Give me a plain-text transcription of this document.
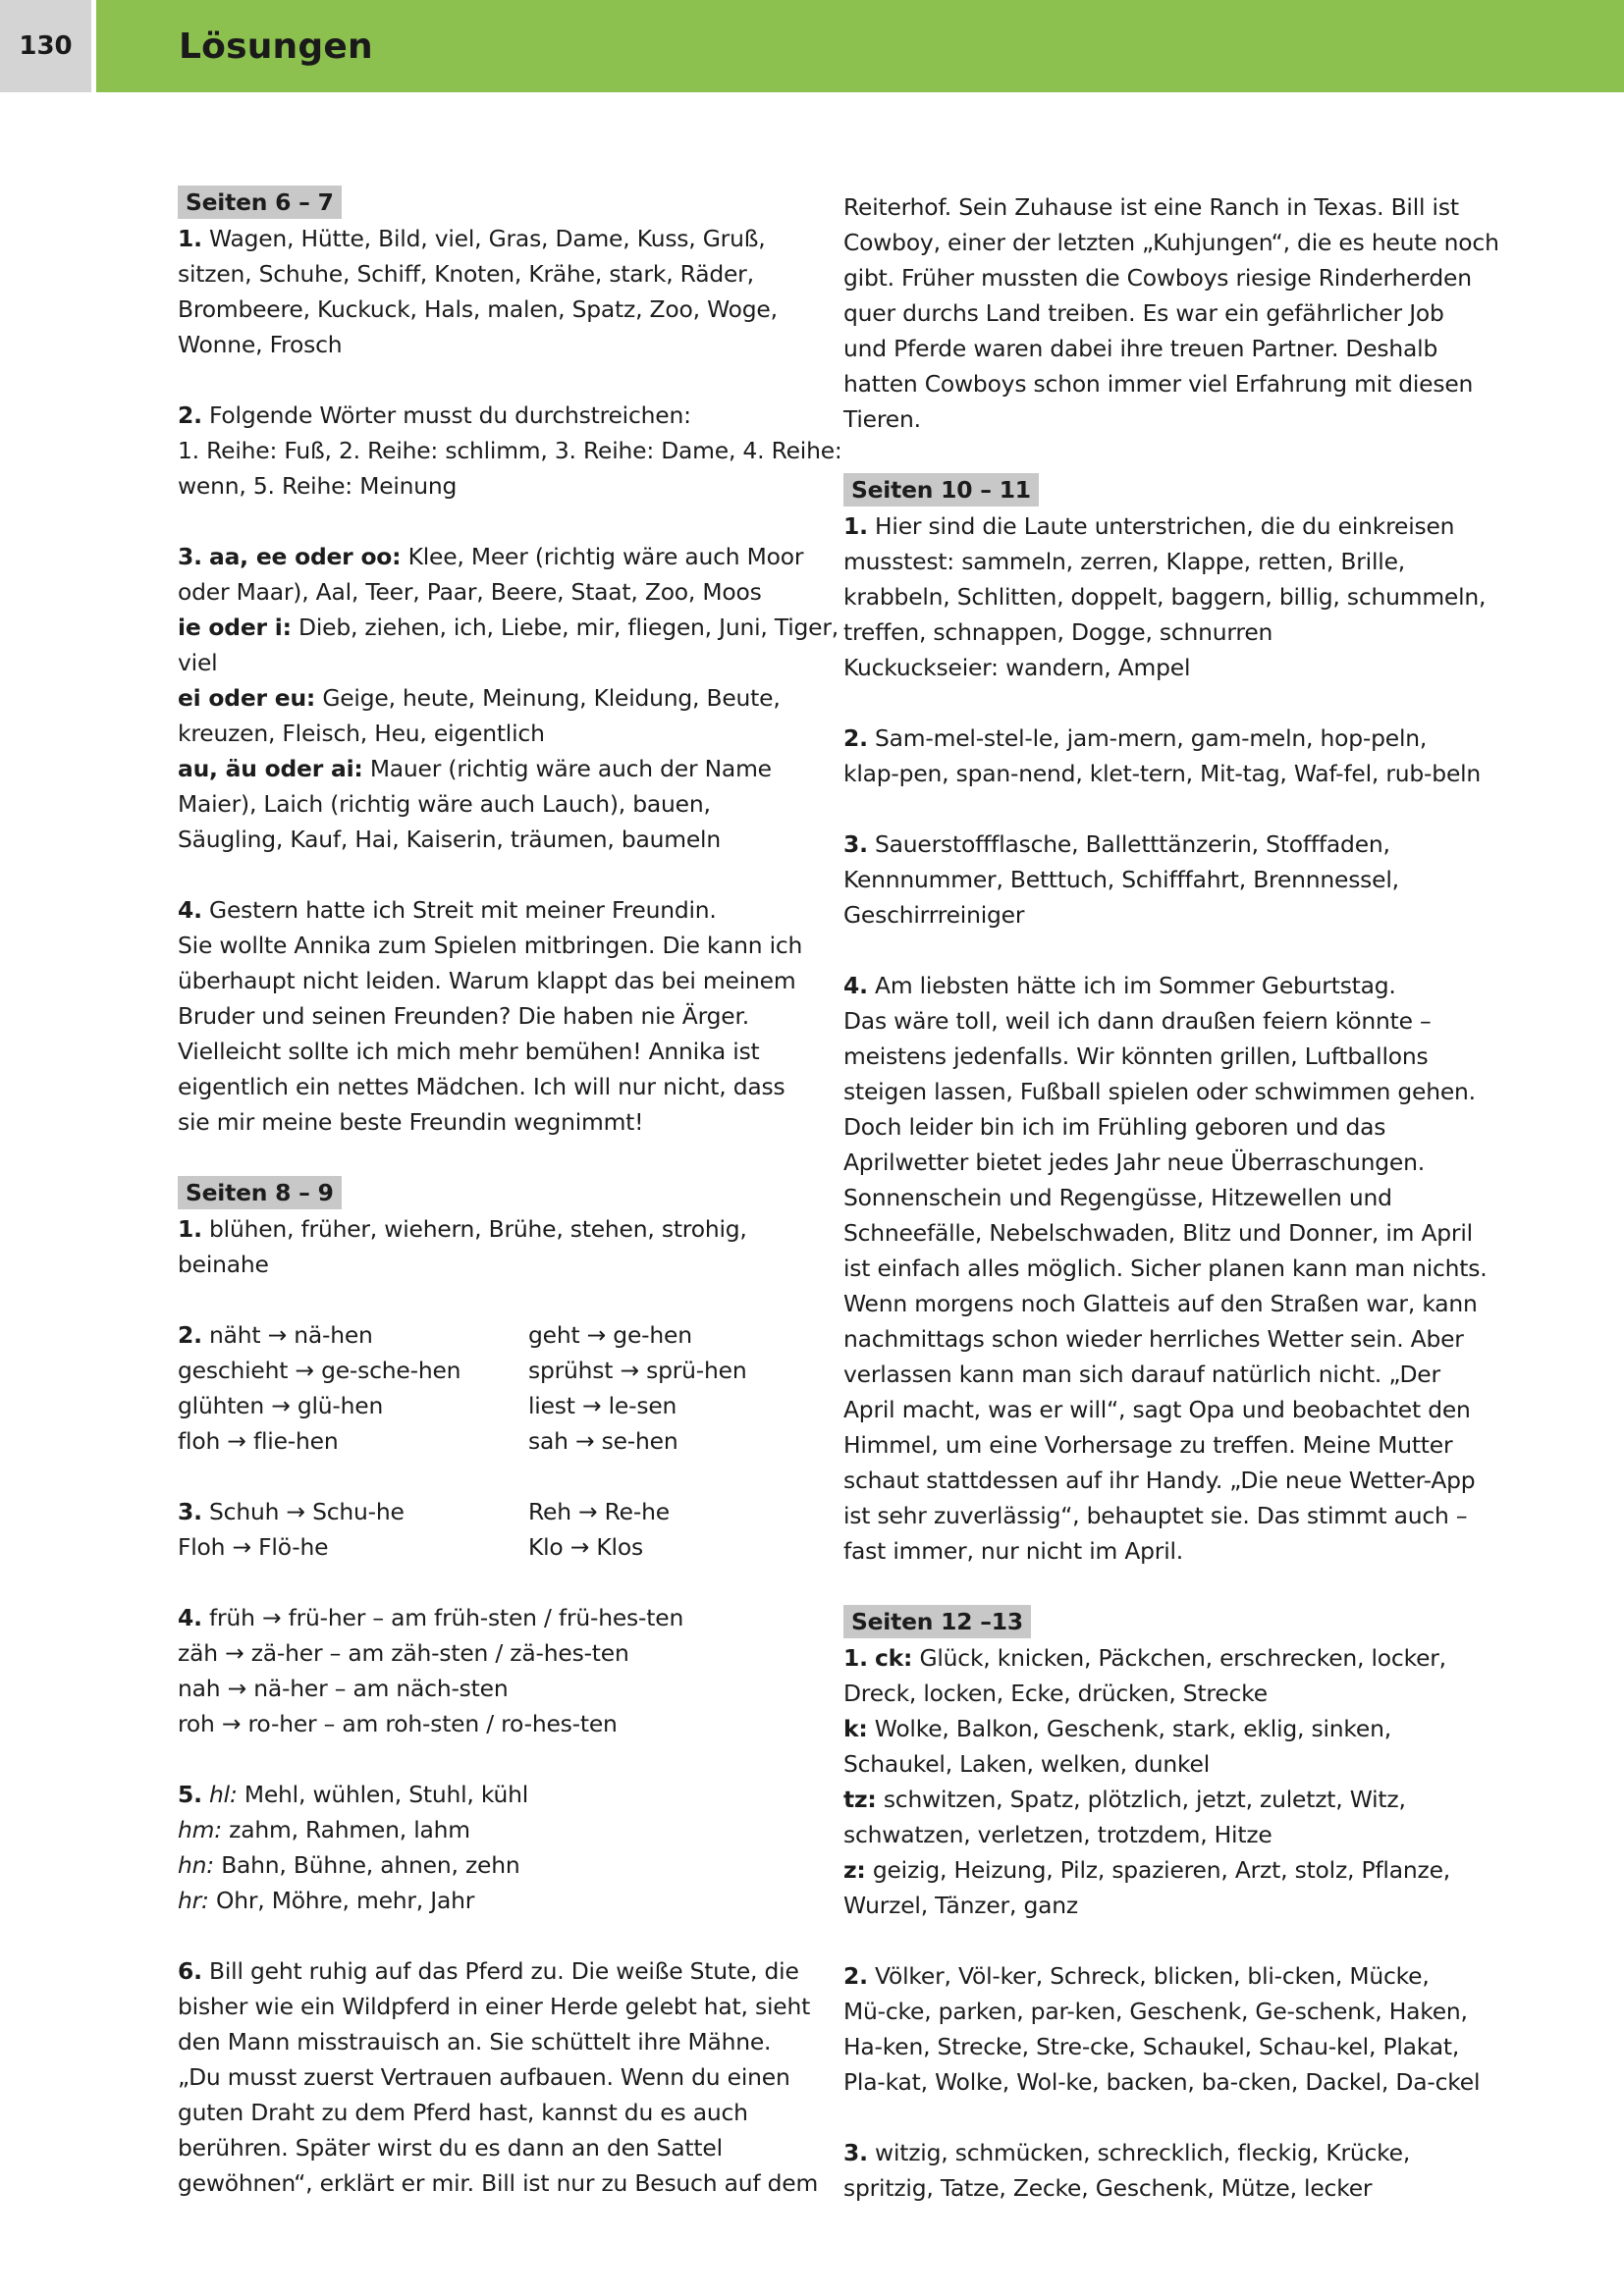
130	Lösungen
Seiten 6 – 7

1. Wagen, Hütte, Bild, viel, Gras, Dame, Kuss, Gruß,
sitzen, Schuhe, Schiff, Knoten, Krähe, stark, Räder,
Brombeere, Kuckuck, Hals, malen, Spatz, Zoo, Woge,
Wonne, Frosch

2. Folgende Wörter musst du durchstreichen:
1. Reihe: Fuß, 2. Reihe: schlimm, 3. Reihe: Dame, 4. Reihe:
wenn, 5. Reihe: Meinung

3. aa, ee oder oo: Klee, Meer (richtig wäre auch Moor
oder Maar), Aal, Teer, Paar, Beere, Staat, Zoo, Moos
ie oder i: Dieb, ziehen, ich, Liebe, mir, fliegen, Juni, Tiger,
viel
ei oder eu: Geige, heute, Meinung, Kleidung, Beute,
kreuzen, Fleisch, Heu, eigentlich
au, äu oder ai: Mauer (richtig wäre auch der Name
Maier), Laich (richtig wäre auch Lauch), bauen,
Säugling, Kauf, Hai, Kaiserin, träumen, baumeln

4. Gestern hatte ich Streit mit meiner Freundin.
Sie wollte Annika zum Spielen mitbringen. Die kann ich
überhaupt nicht leiden. Warum klappt das bei meinem
Bruder und seinen Freunden? Die haben nie Ärger.
Vielleicht sollte ich mich mehr bemühen! Annika ist
eigentlich ein nettes Mädchen. Ich will nur nicht, dass
sie mir meine beste Freundin wegnimmt!

Seiten 8 – 9

1. blühen, früher, wiehern, Brühe, stehen, strohig,
beinahe

2. näht → nä-hen	geht → ge-hen
geschieht → ge-sche-hen	sprühst → sprü-hen
glühten → glü-hen	liest → le-sen
floh → flie-hen	sah → se-hen
3. Schuh → Schu-he	Reh → Re-he
Floh → Flö-he	Klo → Klos

4. früh → frü-her – am früh-sten / frü-hes-ten
zäh → zä-her – am zäh-sten / zä-hes-ten
nah → nä-her – am näch-sten
roh → ro-her – am roh-sten / ro-hes-ten

5. hl: Mehl, wühlen, Stuhl, kühl
hm: zahm, Rahmen, lahm
hn: Bahn, Bühne, ahnen, zehn
hr: Ohr, Möhre, mehr, Jahr

6. Bill geht ruhig auf das Pferd zu. Die weiße Stute, die
bisher wie ein Wildpferd in einer Herde gelebt hat, sieht
den Mann misstrauisch an. Sie schüttelt ihre Mähne.
„Du musst zuerst Vertrauen aufbauen. Wenn du einen
guten Draht zu dem Pferd hast, kannst du es auch
berühren. Später wirst du es dann an den Sattel
gewöhnen“, erklärt er mir. Bill ist nur zu Besuch auf dem

Reiterhof. Sein Zuhause ist eine Ranch in Texas. Bill ist
Cowboy, einer der letzten „Kuhjungen“, die es heute noch
gibt. Früher mussten die Cowboys riesige Rinderherden
quer durchs Land treiben. Es war ein gefährlicher Job
und Pferde waren dabei ihre treuen Partner. Deshalb
hatten Cowboys schon immer viel Erfahrung mit diesen
Tieren.

Seiten 10 – 11

1. Hier sind die Laute unterstrichen, die du einkreisen
musstest: sammeln, zerren, Klappe, retten, Brille,
krabbeln, Schlitten, doppelt, baggern, billig, schummeln,
treffen, schnappen, Dogge, schnurren
Kuckuckseier: wandern, Ampel

2. Sam-mel-stel-le, jam-mern, gam-meln, hop-peln,
klap-pen, span-nend, klet-tern, Mit-tag, Waf-fel, rub-beln

3. Sauerstoffflasche, Balletttänzerin, Stofffaden,
Kennnummer, Betttuch, Schifffahrt, Brennnessel,
Geschirrreiniger

4. Am liebsten hätte ich im Sommer Geburtstag.
Das wäre toll, weil ich dann draußen feiern könnte –
meistens jedenfalls. Wir könnten grillen, Luftballons
steigen lassen, Fußball spielen oder schwimmen gehen.
Doch leider bin ich im Frühling geboren und das
Aprilwetter bietet jedes Jahr neue Überraschungen.
Sonnenschein und Regengüsse, Hitzewellen und
Schneefälle, Nebelschwaden, Blitz und Donner, im April
ist einfach alles möglich. Sicher planen kann man nichts.
Wenn morgens noch Glatteis auf den Straßen war, kann
nachmittags schon wieder herrliches Wetter sein. Aber
verlassen kann man sich darauf natürlich nicht. „Der
April macht, was er will“, sagt Opa und beobachtet den
Himmel, um eine Vorhersage zu treffen. Meine Mutter
schaut stattdessen auf ihr Handy. „Die neue Wetter-App
ist sehr zuverlässig“, behauptet sie. Das stimmt auch –
fast immer, nur nicht im April.

Seiten 12 –13

1. ck: Glück, knicken, Päckchen, erschrecken, locker,
Dreck, locken, Ecke, drücken, Strecke
k: Wolke, Balkon, Geschenk, stark, eklig, sinken,
Schaukel, Laken, welken, dunkel
tz: schwitzen, Spatz, plötzlich, jetzt, zuletzt, Witz,
schwatzen, verletzen, trotzdem, Hitze
z: geizig, Heizung, Pilz, spazieren, Arzt, stolz, Pflanze,
Wurzel, Tänzer, ganz

2. Völker, Völ-ker, Schreck, blicken, bli-cken, Mücke,
Mü-cke, parken, par-ken, Geschenk, Ge-schenk, Haken,
Ha-ken, Strecke, Stre-cke, Schaukel, Schau-kel, Plakat,
Pla-kat, Wolke, Wol-ke, backen, ba-cken, Dackel, Da-ckel

3. witzig, schmücken, schrecklich, fleckig, Krücke,
spritzig, Tatze, Zecke, Geschenk, Mütze, lecker
